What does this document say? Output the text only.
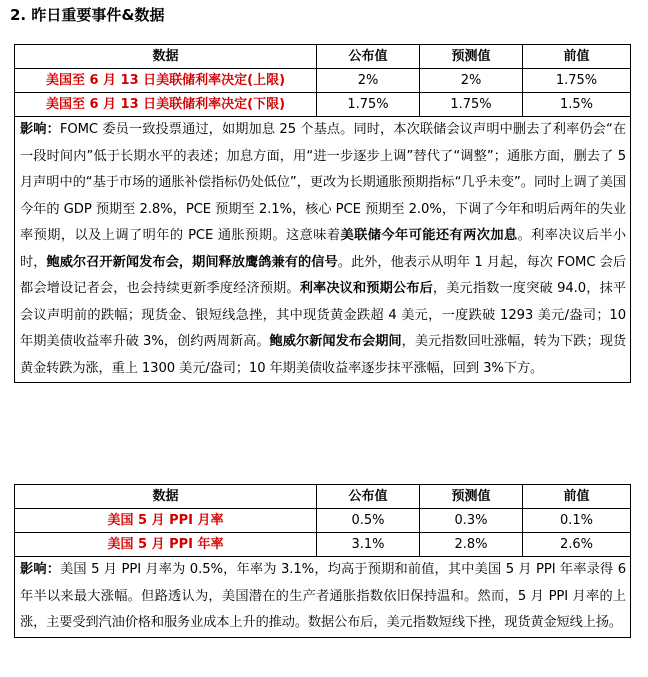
2. 昨日重要事件&数据
数据	公布值	预测值	前值
美国至 6 月 13 日美联储利率决定(上限)	2%	2%	1.75%
美国至 6 月 13 日美联储利率决定(下限)	1.75%	1.75%	1.5%
影响：FOMC 委员一致投票通过，如期加息 25 个基点。同时，本次联储会议声明中删去了利率仍会“在一段时间内”低于长期水平的表述；加息方面，用“进一步逐步上调”替代了“调整”；通胀方面，删去了 5 月声明中的“基于市场的通胀补偿指标仍处低位”，更改为长期通胀预期指标“几乎未变”。同时上调了美国今年的 GDP 预期至 2.8%，PCE 预期至 2.1%，核心 PCE 预期至 2.0%，下调了今年和明后两年的失业率预期，以及上调了明年的 PCE 通胀预期。这意味着美联储今年可能还有两次加息。利率决议后半小时，鲍威尔召开新闻发布会，期间释放鹰鸽兼有的信号。此外，他表示从明年 1 月起，每次 FOMC 会后都会增设记者会，也会持续更新季度经济预期。利率决议和预期公布后，美元指数一度突破 94.0，抹平会议声明前的跌幅；现货金、银短线急挫，其中现货黄金跌超 4 美元，一度跌破 1293 美元/盎司；10 年期美债收益率升破 3%，创约两周新高。鲍威尔新闻发布会期间，美元指数回吐涨幅，转为下跌；现货黄金转跌为涨，重上 1300 美元/盎司；10 年期美债收益率逐步抹平涨幅，回到 3%下方。			
数据	公布值	预测值	前值
美国 5 月 PPI 月率	0.5%	0.3%	0.1%
美国 5 月 PPI 年率	3.1%	2.8%	2.6%
影响：美国 5 月 PPI 月率为 0.5%，年率为 3.1%，均高于预期和前值，其中美国 5 月 PPI 年率录得 6 年半以来最大涨幅。但路透认为，美国潜在的生产者通胀指数依旧保持温和。然而，5 月 PPI 月率的上涨，主要受到汽油价格和服务业成本上升的推动。数据公布后，美元指数短线下挫，现货黄金短线上扬。			
